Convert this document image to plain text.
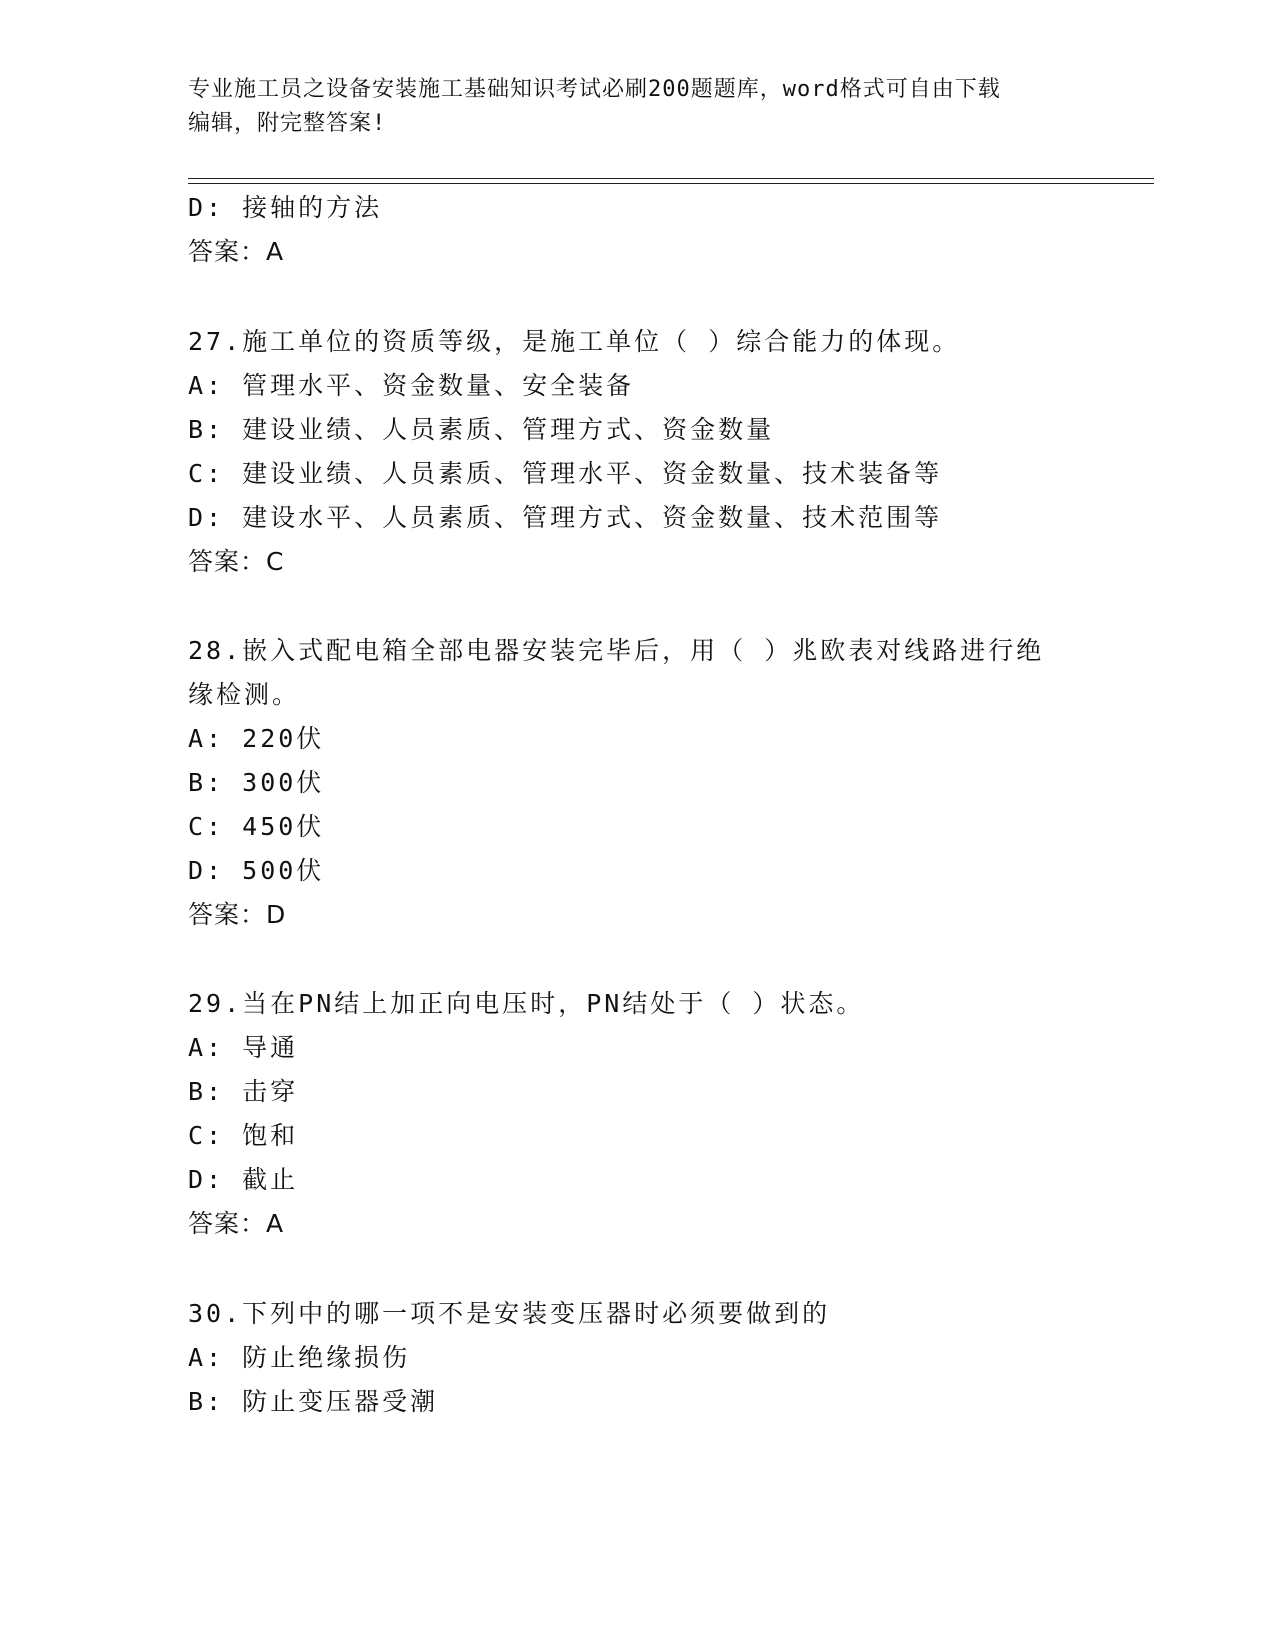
专业施工员之设备安装施工基础知识考试必刷200题题库，word格式可自由下载
编辑，附完整答案!
D: 接轴的方法
答案：A
27.施工单位的资质等级，是施工单位（ ）综合能力的体现。
A: 管理水平、资金数量、安全装备
B: 建设业绩、人员素质、管理方式、资金数量
C: 建设业绩、人员素质、管理水平、资金数量、技术装备等
D: 建设水平、人员素质、管理方式、资金数量、技术范围等
答案：C
28.嵌入式配电箱全部电器安装完毕后，用（ ）兆欧表对线路进行绝
缘检测。
A: 220伏
B: 300伏
C: 450伏
D: 500伏
答案：D
29.当在PN结上加正向电压时，PN结处于（ ）状态。
A: 导通
B: 击穿
C: 饱和
D: 截止
答案：A
30.下列中的哪一项不是安装变压器时必须要做到的
A: 防止绝缘损伤
B: 防止变压器受潮
